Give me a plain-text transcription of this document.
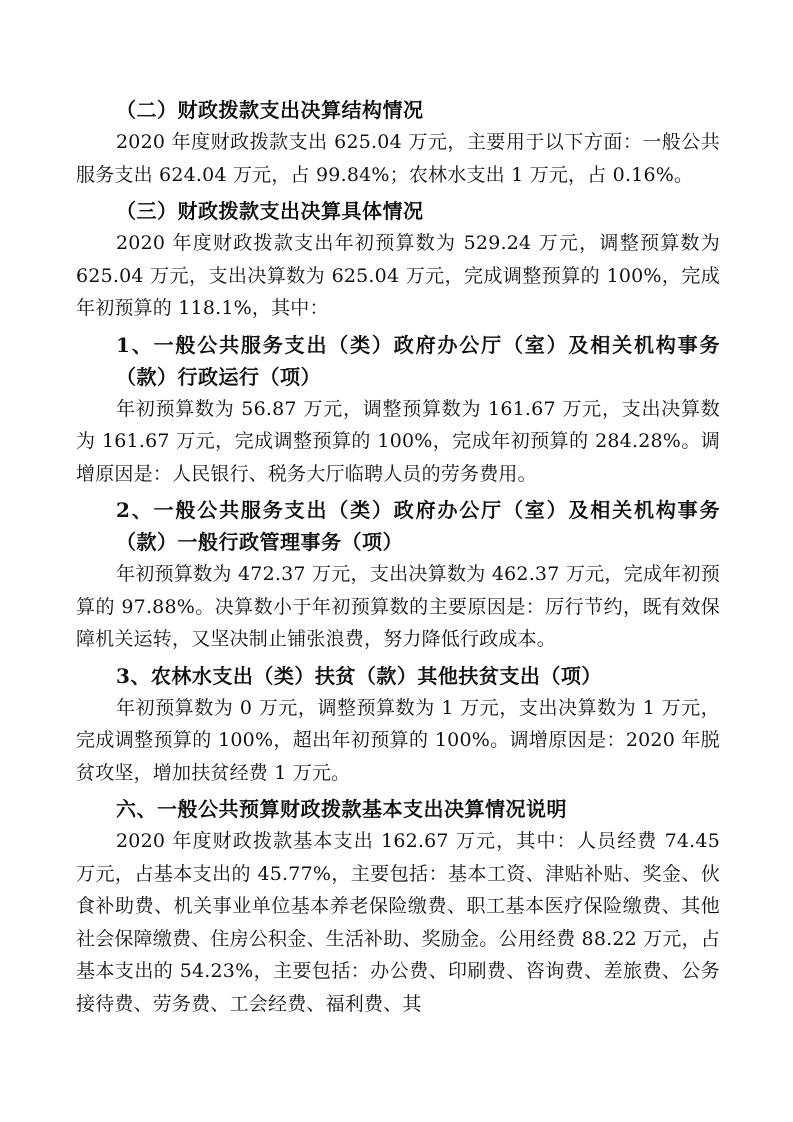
（二）财政拨款支出决算结构情况

2020 年度财政拨款支出 625.04 万元，主要用于以下方面：一般公共服务支出 624.04 万元，占 99.84%；农林水支出 1 万元，占 0.16%。

（三）财政拨款支出决算具体情况

2020 年度财政拨款支出年初预算数为 529.24 万元，调整预算数为 625.04 万元，支出决算数为 625.04 万元，完成调整预算的 100%，完成年初预算的 118.1%，其中：

1、一般公共服务支出（类）政府办公厅（室）及相关机构事务（款）行政运行（项）

年初预算数为 56.87 万元，调整预算数为 161.67 万元，支出决算数为 161.67 万元，完成调整预算的 100%，完成年初预算的 284.28%。调增原因是：人民银行、税务大厅临聘人员的劳务费用。

2、一般公共服务支出（类）政府办公厅（室）及相关机构事务（款）一般行政管理事务（项）

年初预算数为 472.37 万元，支出决算数为 462.37 万元，完成年初预算的 97.88%。决算数小于年初预算数的主要原因是：厉行节约，既有效保障机关运转，又坚决制止铺张浪费，努力降低行政成本。

3、农林水支出（类）扶贫（款）其他扶贫支出（项）

年初预算数为 0 万元，调整预算数为 1 万元，支出决算数为 1 万元，完成调整预算的 100%，超出年初预算的 100%。调增原因是：2020 年脱贫攻坚，增加扶贫经费 1 万元。

六、一般公共预算财政拨款基本支出决算情况说明

2020 年度财政拨款基本支出 162.67 万元，其中：人员经费 74.45 万元，占基本支出的 45.77%，主要包括：基本工资、津贴补贴、奖金、伙食补助费、机关事业单位基本养老保险缴费、职工基本医疗保险缴费、其他社会保障缴费、住房公积金、生活补助、奖励金。公用经费 88.22 万元，占基本支出的 54.23%，主要包括：办公费、印刷费、咨询费、差旅费、公务接待费、劳务费、工会经费、福利费、其
